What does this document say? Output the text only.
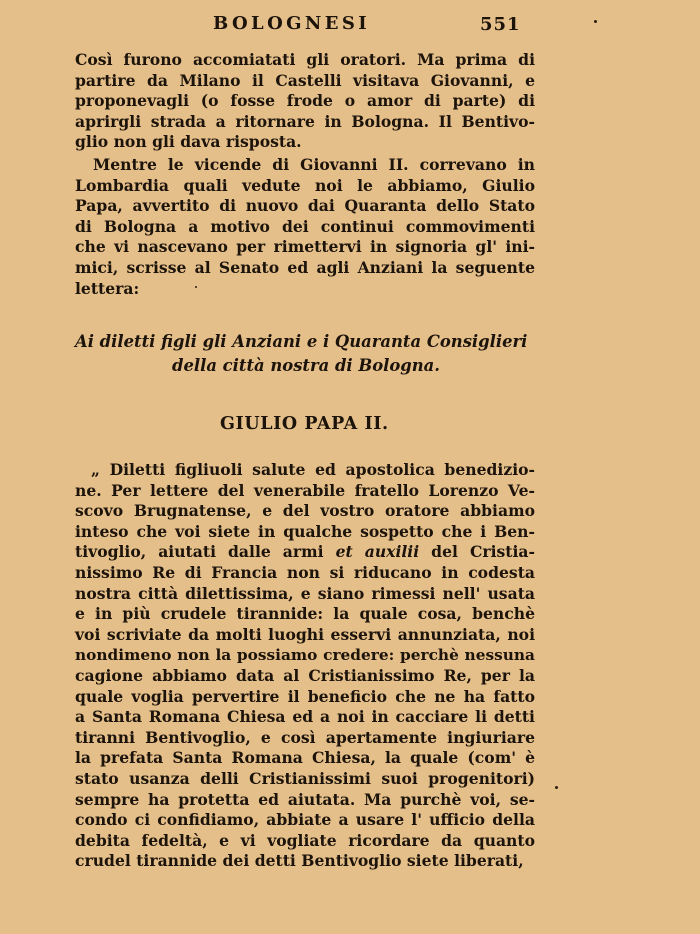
BOLOGNESI	551
Così furono accomiatati gli oratori. Ma prima di
partire da Milano il Castelli visitava Giovanni, e
proponevagli (o fosse frode o amor di parte) di
aprirgli strada a ritornare in Bologna. Il Bentivo-
glio non gli dava risposta.
Mentre le vicende di Giovanni II. correvano in
Lombardia quali vedute noi le abbiamo, Giulio
Papa, avvertito di nuovo dai Quaranta dello Stato
di Bologna a motivo dei continui commovimenti
che vi nascevano per rimettervi in signoria gl' ini-
mici, scrisse al Senato ed agli Anziani la seguente
lettera:
Ai diletti figli gli Anziani e i Quaranta Consiglieri
della città nostra di Bologna.
GIULIO PAPA II.
„ Diletti figliuoli salute ed apostolica benedizio-
ne. Per lettere del venerabile fratello Lorenzo Ve-
scovo Brugnatense, e del vostro oratore abbiamo
inteso che voi siete in qualche sospetto che i Ben-
tivoglio, aiutati dalle armi et auxilii del Cristia-
nissimo Re di Francia non si riducano in codesta
nostra città dilettissima, e siano rimessi nell' usata
e in più crudele tirannide: la quale cosa, benchè
voi scriviate da molti luoghi esservi annunziata, noi
nondimeno non la possiamo credere: perchè nessuna
cagione abbiamo data al Cristianissimo Re, per la
quale voglia pervertire il beneficio che ne ha fatto
a Santa Romana Chiesa ed a noi in cacciare li detti
tiranni Bentivoglio, e così apertamente ingiuriare
la prefata Santa Romana Chiesa, la quale (com' è
stato usanza delli Cristianissimi suoi progenitori)
sempre ha protetta ed aiutata. Ma purchè voi, se-
condo ci confidiamo, abbiate a usare l' ufficio della
debita fedeltà, e vi vogliate ricordare da quanto
crudel tirannide dei detti Bentivoglio siete liberati,
